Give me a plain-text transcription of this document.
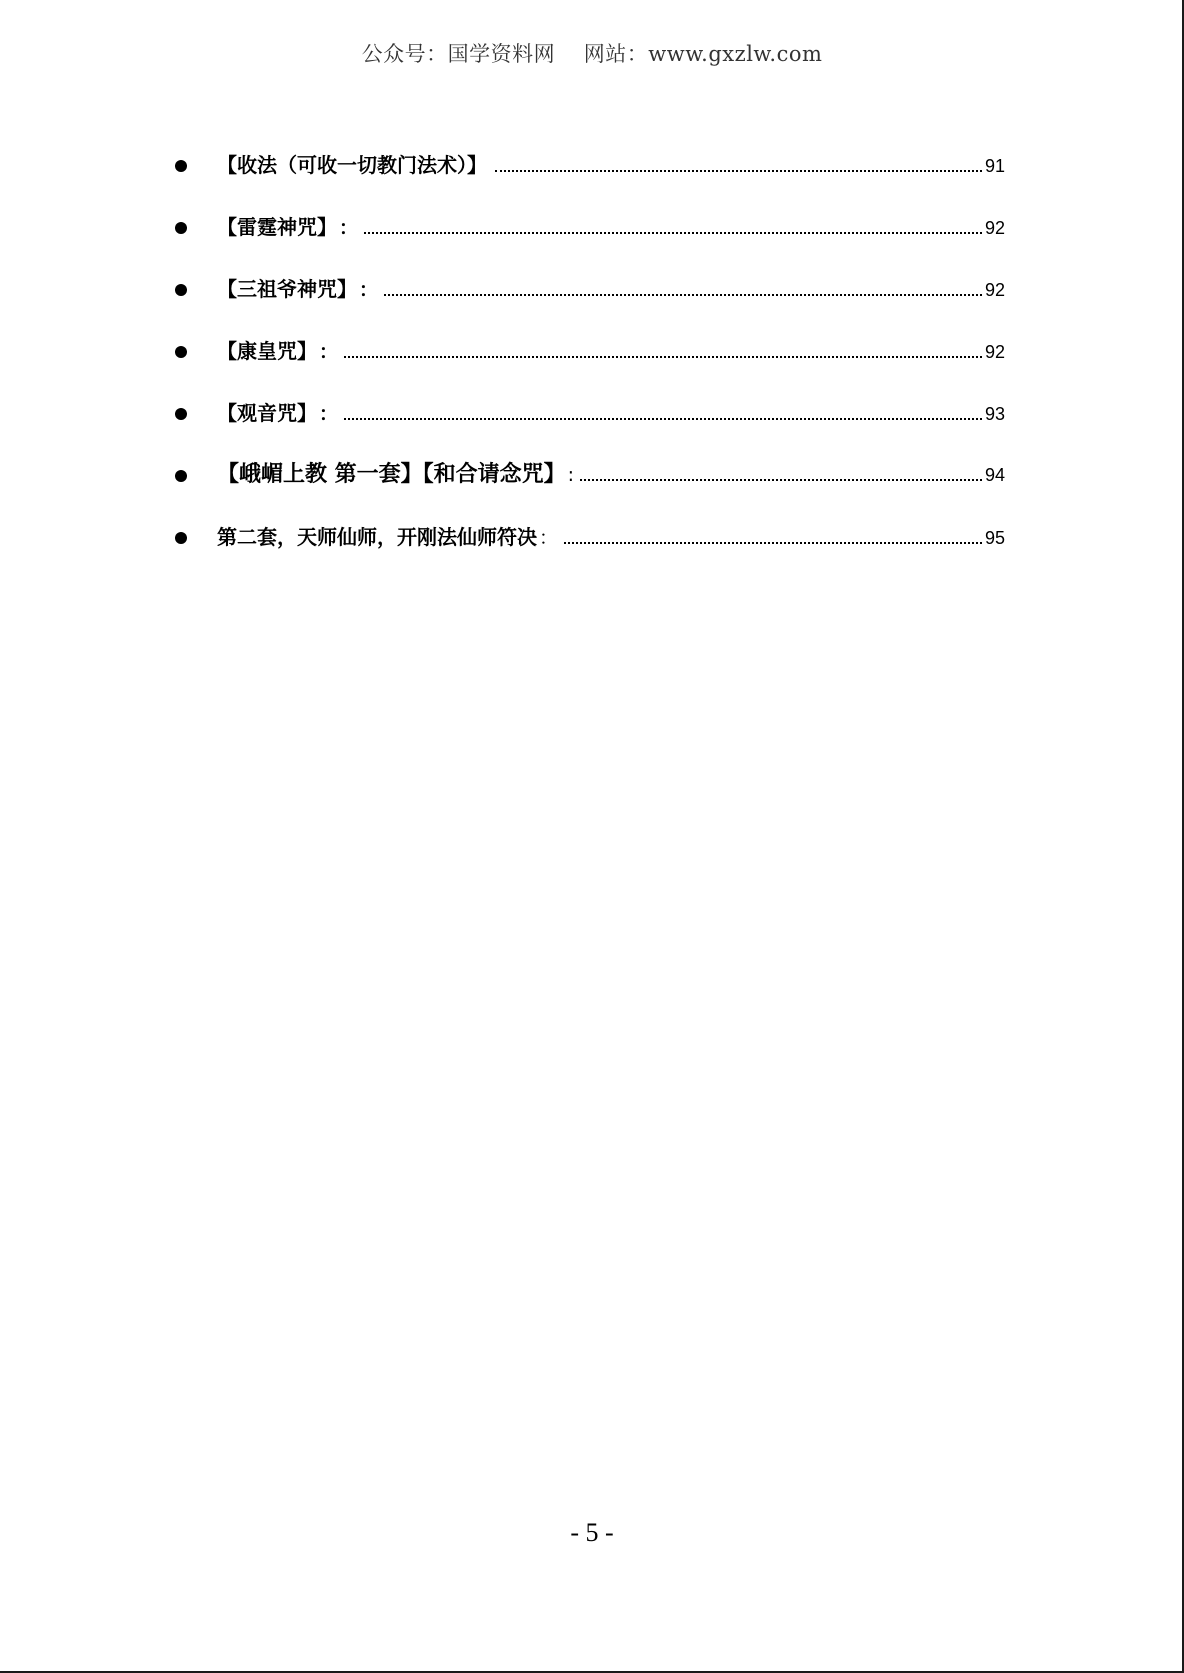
公众号：国学资料网　 网站：www.gxzlw.com
【收法（可收一切教门法术）】	91
【雷霆神咒】 ：	92
【三祖爷神咒】 ：	92
【康皇咒】 ：	92
【观音咒】 ：	93
【峨嵋上教 第一套】【和合请念咒】 :	94
第二套，天师仙师，开刚法仙师符决 ：	95
- 5 -
